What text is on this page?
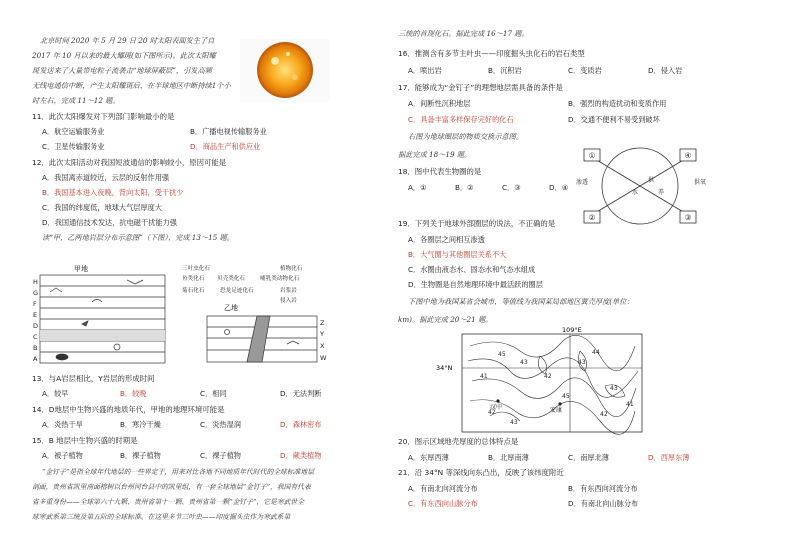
北京时间 2020 年 5 月 29 日 20 时太阳表面发生了自
2017 年 10 月以来的最大耀斑(如下图所示)。此次太阳耀
斑发送来了大量带电粒子流袭击“地球屏蔽层”，引发高频
无线电通信中断，产生太阳耀斑后，在半球地区中断持续1个小
时左右，完成 11～12 题。
11．此次太阳爆发对下列部门影响最小的是
A．航空运输服务业	B．广播电视传输服务业
C．卫星传输服务业	D．商品生产和供应业
12．此次太阳活动对我国短波通信的影响较小，原因可能是
A．我国离赤道较近，云层的反射作用强
B．我国基本进入夜晚，背向太阳，受干扰少
C．我国的纬度低，地球大气层厚度大
D．我国通信技术发达，抗电磁干扰能力强
读“甲、乙两地岩层分布示意图”（下图），完成 13～15 题。
甲地
乙地
H
G
F
E
D
C
B
A
Z
Y
X
W
三叶虫化石
鱼类化石 贝壳类化石	哺乳类动物化石
菊石化石	恐龙足迹化石
植物化石
岩浆岩
侵入岩
13．与A岩层相比，Y岩层的形成时间
A．较早	B．较晚	C．相同	D．无法判断
14．D地层中生物兴盛的地质年代，甲地的地理环境可能是
A．炎热干旱	B．寒冷干燥	C．炎热湿润	D．森林密布
15．B 地层中生物兴盛的时期是
A．被子植物	B．裸子植物	C．裸子植物	D．蕨类植物
“金钉子”是指全球年代地层的一些界定于，用来对比各地不同地质年代时代的全球标准地层
剖面，贵州省凯里南面榕树以台州河台县中的凯里组，有一套全球地层“金钉子”，我国有代表
省多重身份——全球第六十九颗、贵州省第十一颗、贵州省第一颗“金钉子”，它是寒武世全
球寒武系第三统及第五阶的全球标准。在这里多节三叶虫——印度掘头虫作为寒武系第
三统的首现化石。据此完成 16～17 题。
16．推测含有多节主叶虫——印度掘头虫化石的岩石类型
A．喷出岩	B．沉积岩	C．变质岩	D．侵入岩
17．能够成为“金钉子”的理想地层需具备的条件是
A．间断性沉积地层	B．强烈的构造扰动和变质作用
C．具备丰富多样保存完好的化石	D．交通不便利不易受到破坏
右图为地球圈层的物质交换示意图。
据此完成 18～19 题。
18．图中代表生物圈的是
A．①	B．②	C．③	D．④
①	④
②	③
渗透	供氧
供
水	养
19．下列关于地球外部圈层的说法，不正确的是
A．各圈层之间相互渗透
B．大气圈与其他圈层关系不大
C．水圈由液态水、固态水和气态水组成
D．生物圈是自然地理环境中最活跃的圈层
下图中地为我国某省会城市，等值线为我国某局部地区冀壳厚度(单位：
km)。据此完成 20～21 题。
109°E
34°N
45
43
41	42
43
44
43
45
42
43
42
41
安康
汉中
20．图示区域地壳厚度的总体特点是
A．东厚西薄	B．北厚南薄	C．南厚北薄	D．西厚东薄
21．沿 34°N 等深线向东凸出，反映了该纬度附近
A．有南北向河流分布	B．有东西向河流分布
C．有东西向山脉分布	D．有南北向山脉分布
